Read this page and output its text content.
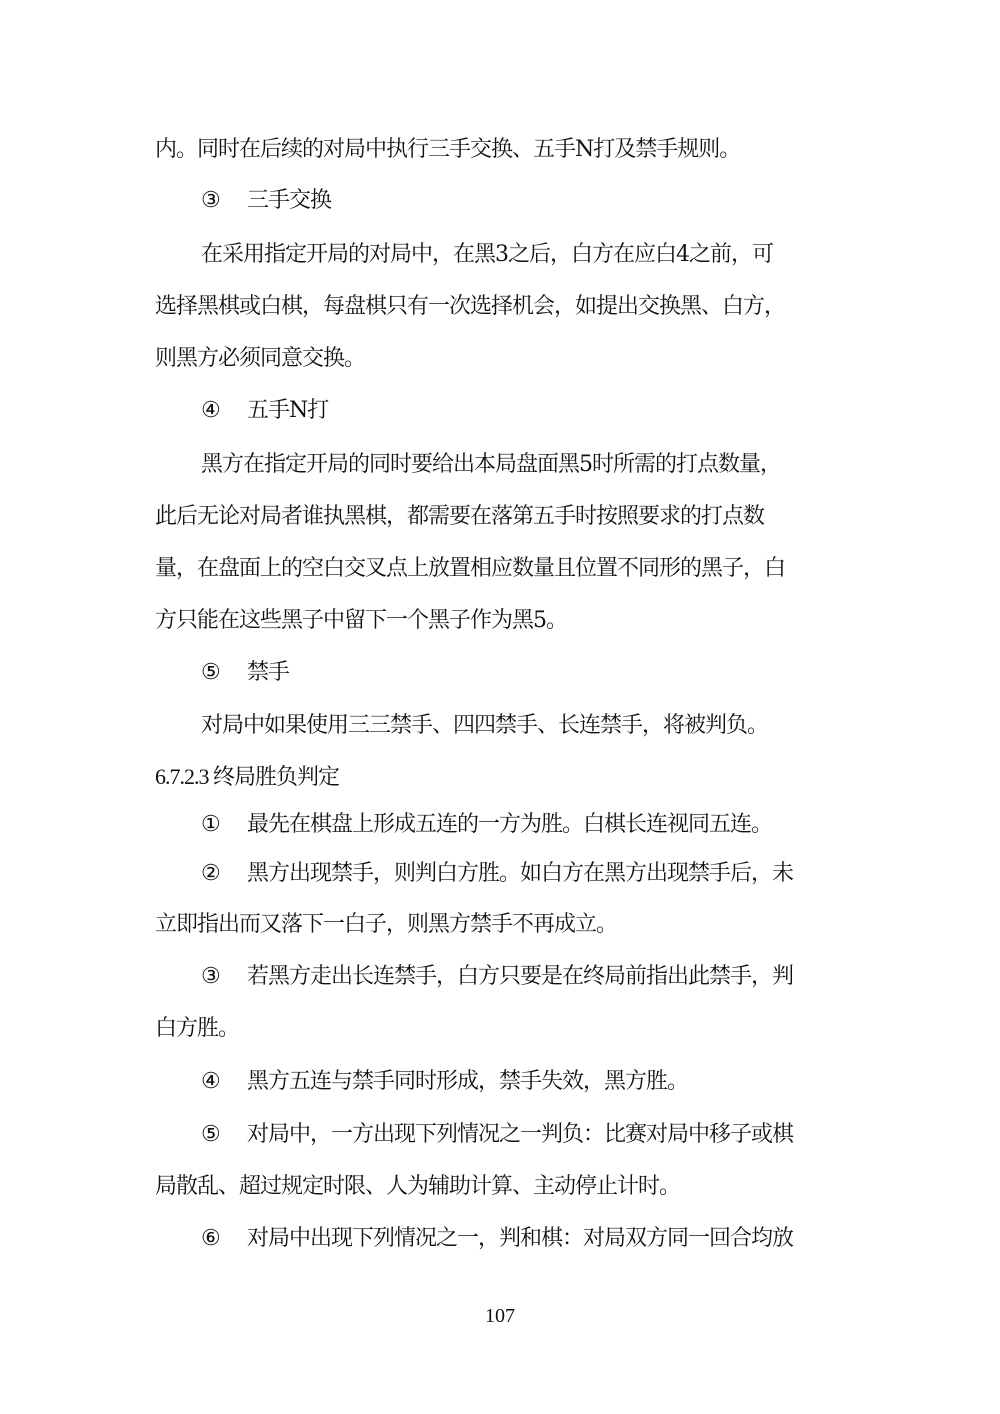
内。同时在后续的对局中执行三手交换、五手N打及禁手规则。
③ 三手交换
在采用指定开局的对局中，在黑3之后，白方在应白4之前，可
选择黑棋或白棋，每盘棋只有一次选择机会，如提出交换黑、白方，
则黑方必须同意交换。
④ 五手N打
黑方在指定开局的同时要给出本局盘面黑5时所需的打点数量，
此后无论对局者谁执黑棋，都需要在落第五手时按照要求的打点数
量，在盘面上的空白交叉点上放置相应数量且位置不同形的黑子，白
方只能在这些黑子中留下一个黑子作为黑5。
⑤ 禁手
对局中如果使用三三禁手、四四禁手、长连禁手，将被判负。
6.7.2.3 终局胜负判定
① 最先在棋盘上形成五连的一方为胜。白棋长连视同五连。
② 黑方出现禁手，则判白方胜。如白方在黑方出现禁手后，未
立即指出而又落下一白子，则黑方禁手不再成立。
③ 若黑方走出长连禁手，白方只要是在终局前指出此禁手，判
白方胜。
④ 黑方五连与禁手同时形成，禁手失效，黑方胜。
⑤ 对局中，一方出现下列情况之一判负：比赛对局中移子或棋
局散乱、超过规定时限、人为辅助计算、主动停止计时。
⑥ 对局中出现下列情况之一，判和棋：对局双方同一回合均放
107
